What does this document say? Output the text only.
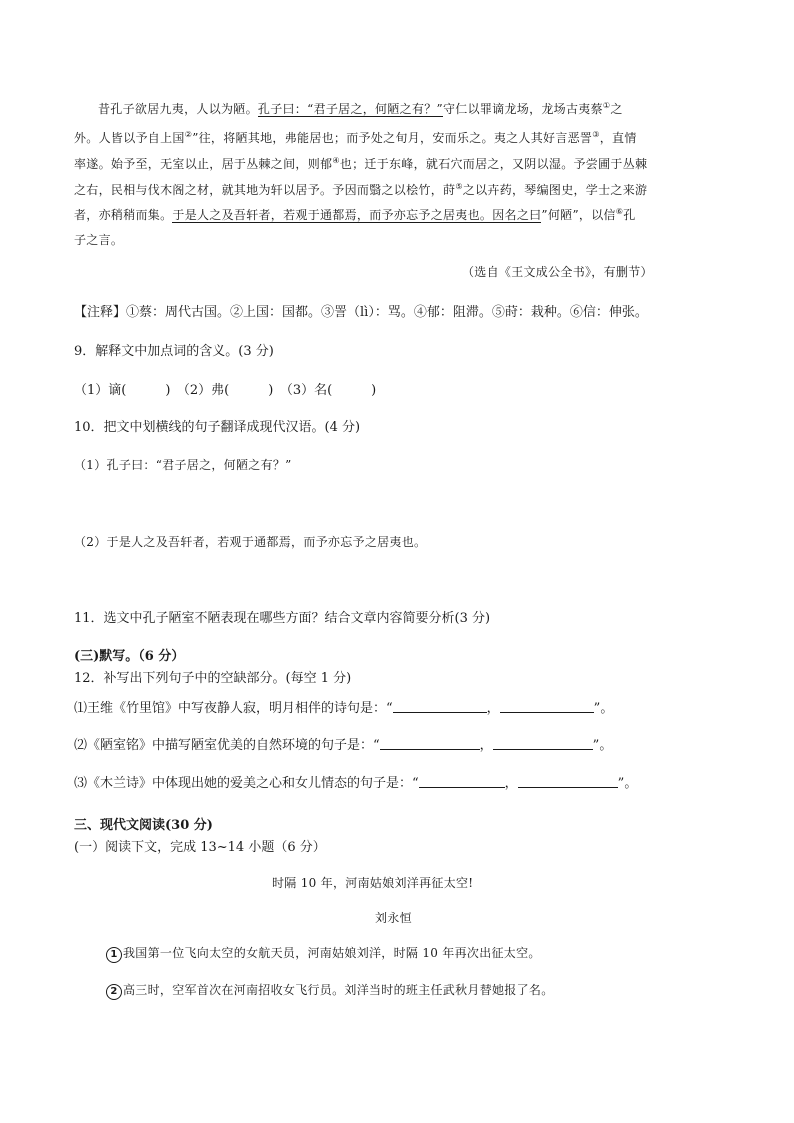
昔孔子欲居九夷，人以为陋。孔子曰：“君子居之，何陋之有？”守仁以罪谪龙场，龙场古夷蔡①之
外。人皆以予自上国②”往，将陋其地，弗能居也；而予处之旬月，安而乐之。夷之人其好言恶詈③，直情
率遂。始予至，无室以止，居于丛棘之间，则郁④也；迁于东峰，就石穴而居之，又阴以湿。予尝圃于丛棘
之右，民相与伐木阁之材，就其地为轩以居予。予因而翳之以桧竹，莳⑤之以卉药，琴编图史，学士之来游
者，亦稍稍而集。于是人之及吾轩者，若观于通都焉，而予亦忘予之居夷也。因名之曰”何陋”，以信⑥孔
子之言。
（选自《王文成公全书》，有删节）
【注释】①蔡：周代古国。②上国：国都。③詈（lì）：骂。④郁：阻滞。⑤莳：栽种。⑥信：伸张。
9．解释文中加点词的含义。(3 分)
（1）谪(　　　)　（2）弗(　　　)　（3）名(　　　)
10．把文中划横线的句子翻译成现代汉语。(4 分)
（1）孔子曰：“君子居之，何陋之有？”
（2）于是人之及吾轩者，若观于通都焉，而予亦忘予之居夷也。
11．选文中孔子陋室不陋表现在哪些方面？结合文章内容简要分析(3 分)
(三)默写。（6 分）
12．补写出下列句子中的空缺部分。(每空 1 分)
⑴王维《竹里馆》中写夜静人寂，明月相伴的诗句是：“	，	”。
⑵《陋室铭》中描写陋室优美的自然环境的句子是：“	，	”。
⑶《木兰诗》中体现出她的爱美之心和女儿情态的句子是：“	，	”。
三、现代文阅读(30 分)
(一）阅读下文，完成 13~14 小题（6 分）
时隔 10 年，河南姑娘刘洋再征太空!
刘永恒
1 我国第一位飞向太空的女航天员，河南姑娘刘洋，时隔 10 年再次出征太空。
2 高三时，空军首次在河南招收女飞行员。刘洋当时的班主任武秋月替她报了名。
